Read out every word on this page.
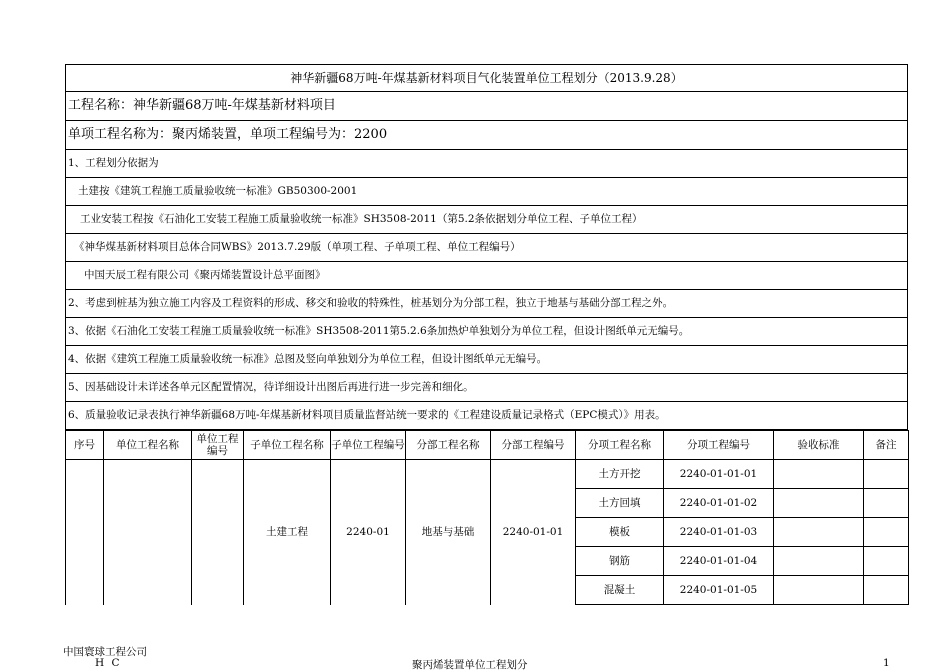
神华新疆68万吨-年煤基新材料项目气化装置单位工程划分（2013.9.28）
工程名称：神华新疆68万吨-年煤基新材料项目
单项工程名称为：聚丙烯装置，单项工程编号为：2200
1、工程划分依据为
土建按《建筑工程施工质量验收统一标准》GB50300-2001
工业安装工程按《石油化工安装工程施工质量验收统一标准》SH3508-2011（第5.2条依据划分单位工程、子单位工程）
《神华煤基新材料项目总体合同WBS》2013.7.29版（单项工程、子单项工程、单位工程编号）
中国天辰工程有限公司《聚丙烯装置设计总平面图》
2、考虑到桩基为独立施工内容及工程资料的形成、移交和验收的特殊性，桩基划分为分部工程，独立于地基与基础分部工程之外。
3、依据《石油化工安装工程施工质量验收统一标准》SH3508-2011第5.2.6条加热炉单独划分为单位工程，但设计图纸单元无编号。
4、依据《建筑工程施工质量验收统一标准》总图及竖向单独划分为单位工程，但设计图纸单元无编号。
5、因基础设计未详述各单元区配置情况，待详细设计出图后再进行进一步完善和细化。
6、质量验收记录表执行神华新疆68万吨-年煤基新材料项目质量监督站统一要求的《工程建设质量记录格式（EPC模式）》用表。
序号	单位工程名称	单位工程编号	子单位工程名称	子单位工程编号	分部工程名称	分部工程编号	分项工程名称	分项工程编号	验收标准	备注
			土建工程	2240-01	地基与基础	2240-01-01	土方开挖	2240-01-01-01		
							土方回填	2240-01-01-02		
							模板	2240-01-01-03		
							钢筋	2240-01-01-04		
							混凝土	2240-01-01-05		
中国寰球工程公司
H C	聚丙烯装置单位工程划分	1
